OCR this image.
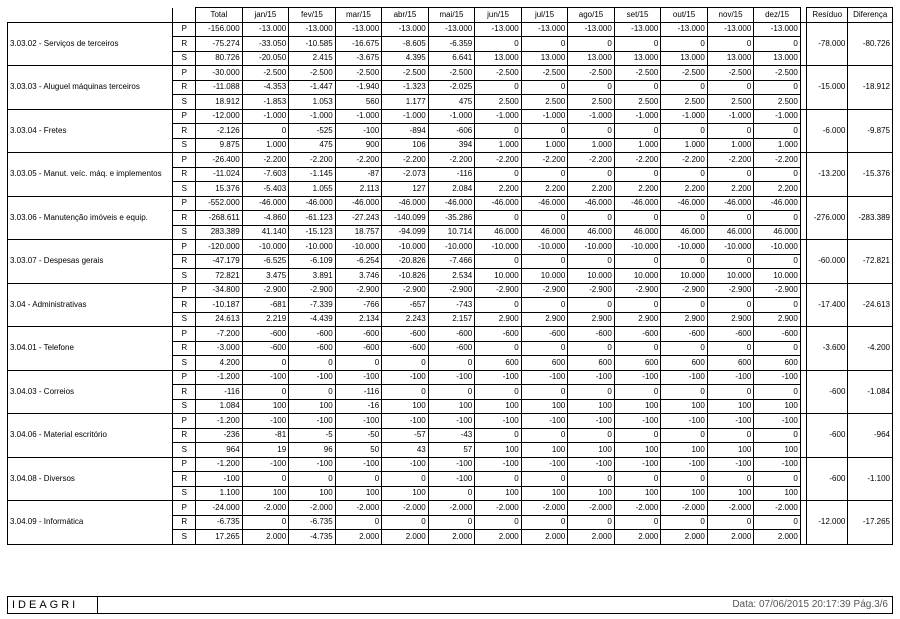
		Total	jan/15	fev/15	mar/15	abr/15	mai/15	jun/15	jul/15	ago/15	set/15	out/15	nov/15	dez/15		Resíduo	Diferença
3.03.02 - Serviços de terceiros	P	-156.000	-13.000	-13.000	-13.000	-13.000	-13.000	-13.000	-13.000	-13.000	-13.000	-13.000	-13.000	-13.000			
	R	-75.274	-33.050	-10.585	-16.675	-8.605	-6.359	0	0	0	0	0	0	0		-78.000	-80.726
	S	80.726	-20.050	2.415	-3.675	4.395	6.641	13.000	13.000	13.000	13.000	13.000	13.000	13.000			
3.03.03 - Aluguel máquinas terceiros	P	-30.000	-2.500	-2.500	-2.500	-2.500	-2.500	-2.500	-2.500	-2.500	-2.500	-2.500	-2.500	-2.500			
	R	-11.088	-4.353	-1.447	-1.940	-1.323	-2.025	0	0	0	0	0	0	0		-15.000	-18.912
	S	18.912	-1.853	1.053	560	1.177	475	2.500	2.500	2.500	2.500	2.500	2.500	2.500			
3.03.04 - Fretes	P	-12.000	-1.000	-1.000	-1.000	-1.000	-1.000	-1.000	-1.000	-1.000	-1.000	-1.000	-1.000	-1.000			
	R	-2.126	0	-525	-100	-894	-606	0	0	0	0	0	0	0		-6.000	-9.875
	S	9.875	1.000	475	900	106	394	1.000	1.000	1.000	1.000	1.000	1.000	1.000			
3.03.05 - Manut. veíc. máq. e implementos	P	-26.400	-2.200	-2.200	-2.200	-2.200	-2.200	-2.200	-2.200	-2.200	-2.200	-2.200	-2.200	-2.200			
	R	-11.024	-7.603	-1.145	-87	-2.073	-116	0	0	0	0	0	0	0		-13.200	-15.376
	S	15.376	-5.403	1.055	2.113	127	2.084	2.200	2.200	2.200	2.200	2.200	2.200	2.200			
3.03.06 - Manutenção imóveis e equip.	P	-552.000	-46.000	-46.000	-46.000	-46.000	-46.000	-46.000	-46.000	-46.000	-46.000	-46.000	-46.000	-46.000			
	R	-268.611	-4.860	-61.123	-27.243	-140.099	-35.286	0	0	0	0	0	0	0		-276.000	-283.389
	S	283.389	41.140	-15.123	18.757	-94.099	10.714	46.000	46.000	46.000	46.000	46.000	46.000	46.000			
3.03.07 - Despesas gerais	P	-120.000	-10.000	-10.000	-10.000	-10.000	-10.000	-10.000	-10.000	-10.000	-10.000	-10.000	-10.000	-10.000			
	R	-47.179	-6.525	-6.109	-6.254	-20.826	-7.466	0	0	0	0	0	0	0		-60.000	-72.821
	S	72.821	3.475	3.891	3.746	-10.826	2.534	10.000	10.000	10.000	10.000	10.000	10.000	10.000			
3.04 - Administrativas	P	-34.800	-2.900	-2.900	-2.900	-2.900	-2.900	-2.900	-2.900	-2.900	-2.900	-2.900	-2.900	-2.900			
	R	-10.187	-681	-7.339	-766	-657	-743	0	0	0	0	0	0	0		-17.400	-24.613
	S	24.613	2.219	-4.439	2.134	2.243	2.157	2.900	2.900	2.900	2.900	2.900	2.900	2.900			
3.04.01 - Telefone	P	-7.200	-600	-600	-600	-600	-600	-600	-600	-600	-600	-600	-600	-600			
	R	-3.000	-600	-600	-600	-600	-600	0	0	0	0	0	0	0		-3.600	-4.200
	S	4.200	0	0	0	0	0	600	600	600	600	600	600	600			
3.04.03 - Correios	P	-1.200	-100	-100	-100	-100	-100	-100	-100	-100	-100	-100	-100	-100			
	R	-116	0	0	-116	0	0	0	0	0	0	0	0	0		-600	-1.084
	S	1.084	100	100	-16	100	100	100	100	100	100	100	100	100			
3.04.06 - Material escritório	P	-1.200	-100	-100	-100	-100	-100	-100	-100	-100	-100	-100	-100	-100			
	R	-236	-81	-5	-50	-57	-43	0	0	0	0	0	0	0		-600	-964
	S	964	19	96	50	43	57	100	100	100	100	100	100	100			
3.04.08 - Diversos	P	-1.200	-100	-100	-100	-100	-100	-100	-100	-100	-100	-100	-100	-100			
	R	-100	0	0	0	0	-100	0	0	0	0	0	0	0		-600	-1.100
	S	1.100	100	100	100	100	0	100	100	100	100	100	100	100			
3.04.09 - Informática	P	-24.000	-2.000	-2.000	-2.000	-2.000	-2.000	-2.000	-2.000	-2.000	-2.000	-2.000	-2.000	-2.000			
	R	-6.735	0	-6.735	0	0	0	0	0	0	0	0	0	0		-12.000	-17.265
	S	17.265	2.000	-4.735	2.000	2.000	2.000	2.000	2.000	2.000	2.000	2.000	2.000	2.000			
IDEAGRI	Data: 07/06/2015 20:17:39 Pág.3/6
